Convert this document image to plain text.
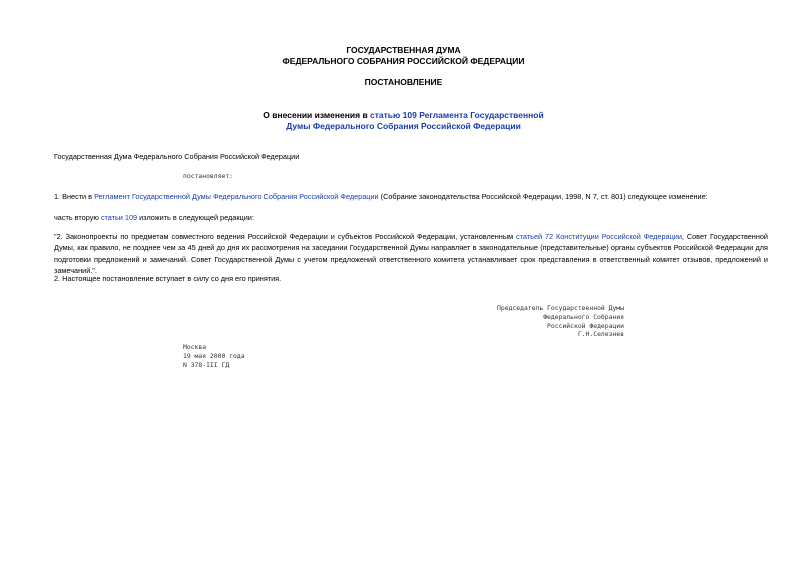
ГОСУДАРСТВЕННАЯ ДУМА
ФЕДЕРАЛЬНОГО СОБРАНИЯ РОССИЙСКОЙ ФЕДЕРАЦИИ
ПОСТАНОВЛЕНИЕ
О внесении изменения в статью 109 Регламента Государственной
Думы Федерального Собрания Российской Федерации
Государственная Дума Федерального Собрания Российской Федерации
постановляет:
1. Внести в Регламент Государственной Думы Федерального Собрания Российской Федерации (Собрание законодательства Российской Федерации, 1998, N 7, ст. 801) следующее изменение:
часть вторую статьи 109 изложить в следующей редакции:
"2. Законопроекты по предметам совместного ведения Российской Федерации и субъектов Российской Федерации, установленным статьей 72 Конституции Российской Федерации, Совет Государственной Думы, как правило, не позднее чем за 45 дней до дня их рассмотрения на заседании Государственной Думы направляет в законодательные (представительные) органы субъектов Российской Федерации для подготовки предложений и замечаний. Совет Государственной Думы с учетом предложений ответственного комитета устанавливает срок представления в ответственный комитет отзывов, предложений и замечаний.".
2. Настоящее постановление вступает в силу со дня его принятия.
Председатель Государственной Думы
Федерального Собрания
Российской Федерации
Г.Н.Селезнев
Москва
19 мая 2000 года
N 378-III ГД
